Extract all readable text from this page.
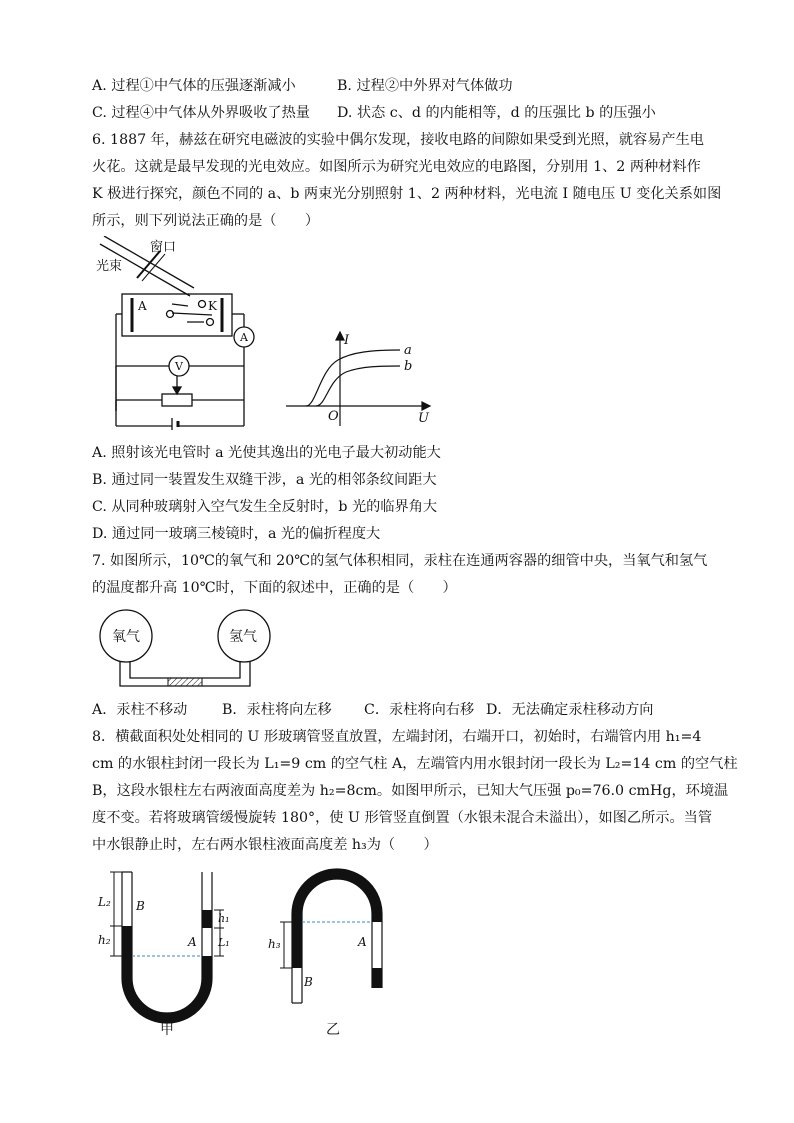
A. 过程①中气体的压强逐渐减小	B. 过程②中外界对气体做功
C. 过程④中气体从外界吸收了热量 D. 状态 c、d 的内能相等，d 的压强比 b 的压强小
6. 1887 年，赫兹在研究电磁波的实验中偶尔发现，接收电路的间隙如果受到光照，就容易产生电
火花。这就是最早发现的光电效应。如图所示为研究光电效应的电路图，分别用 1、2 两种材料作
K 极进行探究，颜色不同的 a、b 两束光分别照射 1、2 两种材料，光电流 I 随电压 U 变化关系如图
所示，则下列说法正确的是（　　）
窗口
光束
A	K
A
V
I
U
O
a
b
A. 照射该光电管时 a 光使其逸出的光电子最大初动能大
B. 通过同一装置发生双缝干涉，a 光的相邻条纹间距大
C. 从同种玻璃射入空气发生全反射时，b 光的临界角大
D. 通过同一玻璃三棱镜时，a 光的偏折程度大
7. 如图所示，10℃的氧气和 20℃的氢气体积相同，汞柱在连通两容器的细管中央，当氧气和氢气
的温度都升高 10℃时，下面的叙述中，正确的是（　　）
氧气	氢气
A．汞柱不移动 B．汞柱将向左移 C．汞柱将向右移 D．无法确定汞柱移动方向
8．横截面积处处相同的 U 形玻璃管竖直放置，左端封闭，右端开口，初始时，右端管内用 h₁=4
cm 的水银柱封闭一段长为 L₁=9 cm 的空气柱 A，左端管内用水银封闭一段长为 L₂=14 cm 的空气柱
B，这段水银柱左右两液面高度差为 h₂=8cm。如图甲所示，已知大气压强 p₀=76.0 cmHg，环境温
度不变。若将玻璃管缓慢旋转 180°，使 U 形管竖直倒置（水银未混合未溢出），如图乙所示。当管
中水银静止时，左右两水银柱液面高度差 h₃为（　　）
L₂ B
h₁
h₂	A L₁
甲
h₃	A
B
乙
